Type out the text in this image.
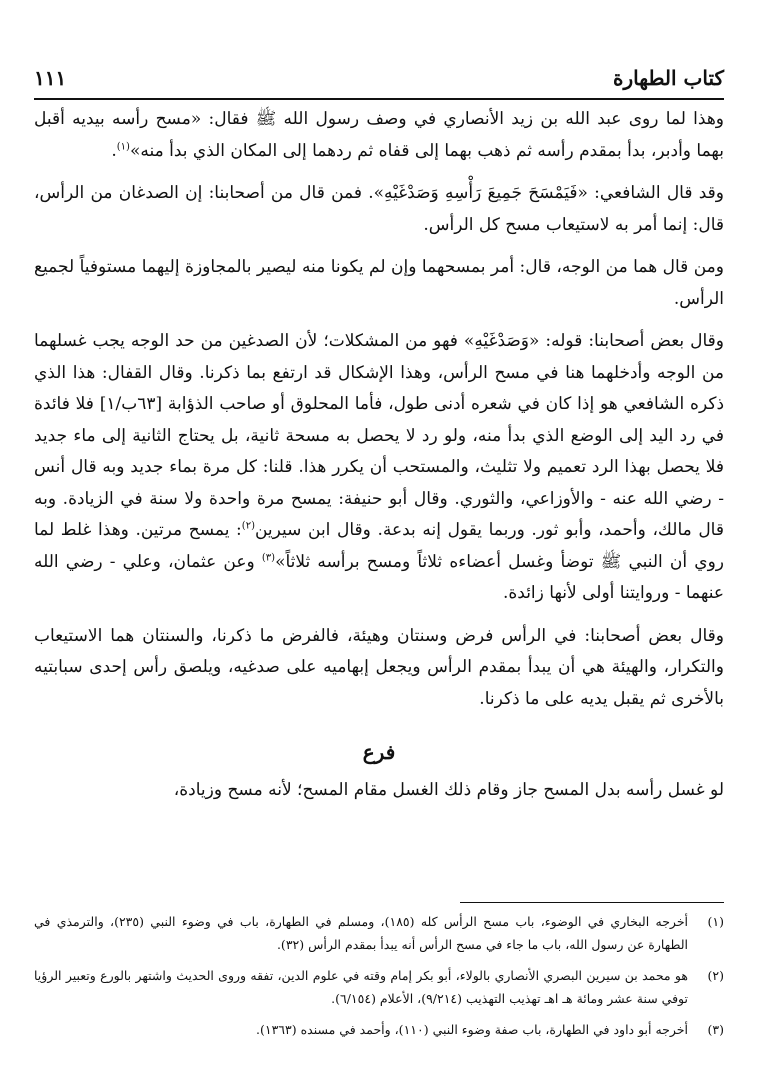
كتاب الطهارة
١١١

وهذا لما روى عبد الله بن زيد الأنصاري في وصف رسول الله ﷺ فقال: «مسح رأسه بيديه أقبل بهما وأدبر، بدأ بمقدم رأسه ثم ذهب بهما إلى قفاه ثم ردهما إلى المكان الذي بدأ منه»$^{(١)}$.

وقد قال الشافعي: «فَيَمْسَحَ جَمِيعَ رَأْسِهِ وَصَدْغَيْهِ». فمن قال من أصحابنا: إن الصدغان من الرأس، قال: إنما أمر به لاستيعاب مسح كل الرأس.

ومن قال هما من الوجه، قال: أمر بمسحهما وإن لم يكونا منه ليصير بالمجاوزة إليهما مستوفياً لجميع الرأس.

وقال بعض أصحابنا: قوله: «وَصَدْغَيْهِ» فهو من المشكلات؛ لأن الصدغين من حد الوجه يجب غسلهما من الوجه وأدخلهما هنا في مسح الرأس، وهذا الإشكال قد ارتفع بما ذكرنا. وقال القفال: هذا الذي ذكره الشافعي هو إذا كان في شعره أدنى طول، فأما المحلوق أو صاحب الذؤابة [٦٣ب/١] فلا فائدة في رد اليد إلى الوضع الذي بدأ منه، ولو رد لا يحصل به مسحة ثانية، بل يحتاج الثانية إلى ماء جديد فلا يحصل بهذا الرد تعميم ولا تثليث، والمستحب أن يكرر هذا. قلنا: كل مرة بماء جديد وبه قال أنس - رضي الله عنه - والأوزاعي، والثوري. وقال أبو حنيفة: يمسح مرة واحدة ولا سنة في الزيادة. وبه قال مالك، وأحمد، وأبو ثور. وربما يقول إنه بدعة. وقال ابن سيرين$^{(٢)}$: يمسح مرتين. وهذا غلط لما روي أن النبي ﷺ توضأ وغسل أعضاءه ثلاثاً ومسح برأسه ثلاثاً»$^{(٣)}$ وعن عثمان، وعلي - رضي الله عنهما - وروايتنا أولى لأنها زائدة.

وقال بعض أصحابنا: في الرأس فرض وسنتان وهيئة، فالفرض ما ذكرنا، والسنتان هما الاستيعاب والتكرار، والهيئة هي أن يبدأ بمقدم الرأس ويجعل إبهاميه على صدغيه، ويلصق رأس إحدى سبابتيه بالأخرى ثم يقبل يديه على ما ذكرنا.

فرع

لو غسل رأسه بدل المسح جاز وقام ذلك الغسل مقام المسح؛ لأنه مسح وزيادة،

(١)
أخرجه البخاري في الوضوء، باب مسح الرأس كله (١٨٥)، ومسلم في الطهارة، باب في وضوء النبي (٢٣٥)، والترمذي في الطهارة عن رسول الله، باب ما جاء في مسح الرأس أنه يبدأ بمقدم الرأس (٣٢).
(٢)
هو محمد بن سيرين البصري الأنصاري بالولاء، أبو بكر إمام وقته في علوم الدين، تفقه وروى الحديث واشتهر بالورع وتعبير الرؤيا توفي سنة عشر ومائة هـ اهـ تهذيب التهذيب (٩/٢١٤)، الأعلام (٦/١٥٤).
(٣)
أخرجه أبو داود في الطهارة، باب صفة وضوء النبي (١١٠)، وأحمد في مسنده (١٣٦٣).
